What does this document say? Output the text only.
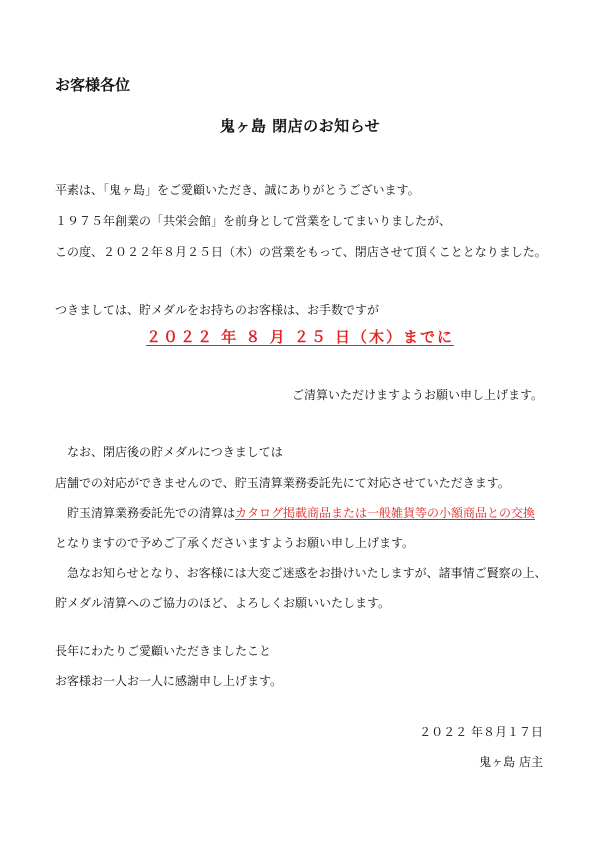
お客様各位
鬼ヶ島 閉店のお知らせ

平素は、「鬼ヶ島」をご愛顧いただき、誠にありがとうございます。

１９７５年創業の「共栄会館」を前身として営業をしてまいりましたが、

この度、２０２２年８月２５日（木）の営業をもって、閉店させて頂くこととなりました。

つきましては、貯メダルをお持ちのお客様は、お手数ですが

２０２２ 年 ８ 月 ２５ 日（木）までに

ご清算いただけますようお願い申し上げます。

なお、閉店後の貯メダルにつきましては

店舗での対応ができませんので、貯玉清算業務委託先にて対応させていただきます。

貯玉清算業務委託先での清算はカタログ掲載商品または一般雑貨等の小額商品との交換

となりますので予めご了承くださいますようお願い申し上げます。

急なお知らせとなり、お客様には大変ご迷惑をお掛けいたしますが、諸事情ご賢察の上、

貯メダル清算へのご協力のほど、よろしくお願いいたします。

長年にわたりご愛顧いただきましたこと

お客様お一人お一人に感謝申し上げます。

２０２２ 年８月１７日

鬼ヶ島 店主
